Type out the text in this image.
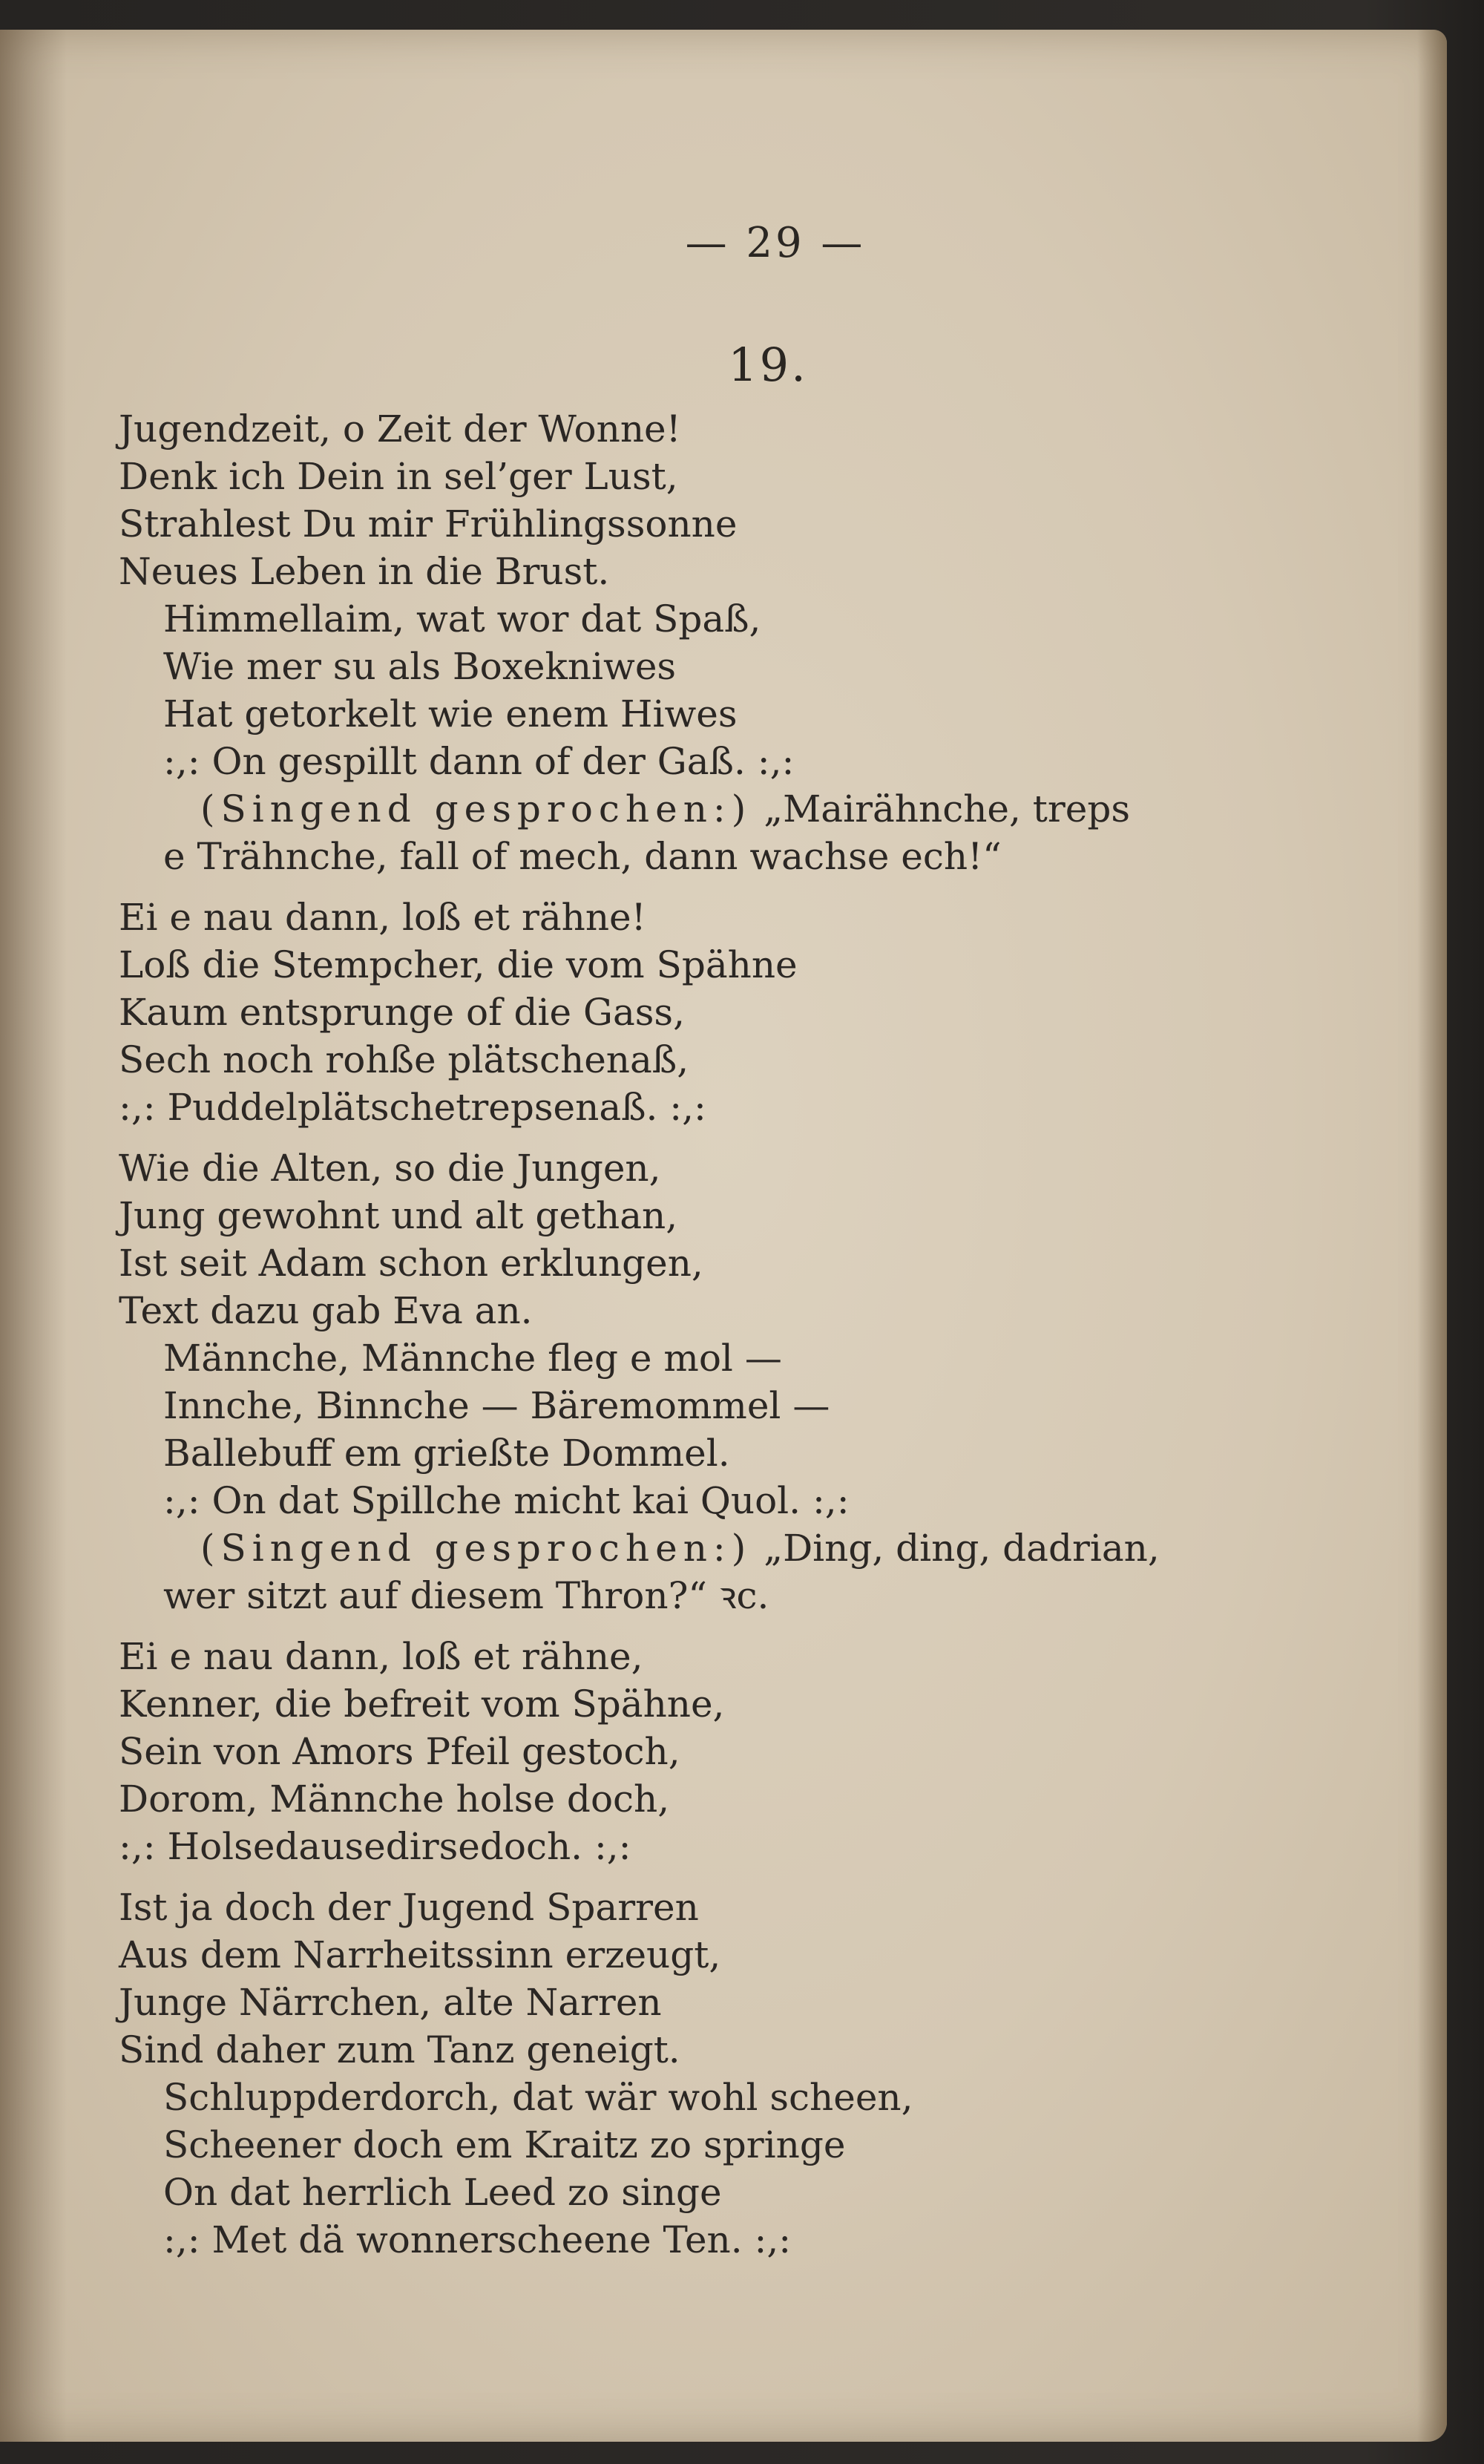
— 29 —
19.
Jugendzeit, o Zeit der Wonne!
Denk ich Dein in sel’ger Lust,
Strahlest Du mir Frühlingssonne
Neues Leben in die Brust.
Himmellaim, wat wor dat Spaß,
Wie mer su als Boxekniwes
Hat getorkelt wie enem Hiwes
:,: On gespillt dann of der Gaß. :,:
(Singend gesprochen:) „Mairähnche, treps
e Trähnche, fall of mech, dann wachse ech!“
Ei e nau dann, loß et rähne!
Loß die Stempcher, die vom Spähne
Kaum entsprunge of die Gass,
Sech noch rohße plätschenaß,
:,: Puddelplätschetrepsenaß. :,:
Wie die Alten, so die Jungen,
Jung gewohnt und alt gethan,
Ist seit Adam schon erklungen,
Text dazu gab Eva an.
Männche, Männche fleg e mol —
Innche, Binnche — Bäremommel —
Ballebuff em grießte Dommel.
:,: On dat Spillche micht kai Quol. :,:
(Singend gesprochen:) „Ding, ding, dadrian,
wer sitzt auf diesem Thron?“ ꝛc.
Ei e nau dann, loß et rähne,
Kenner, die befreit vom Spähne,
Sein von Amors Pfeil gestoch,
Dorom, Männche holse doch,
:,: Holsedausedirsedoch. :,:
Ist ja doch der Jugend Sparren
Aus dem Narrheitssinn erzeugt,
Junge Närrchen, alte Narren
Sind daher zum Tanz geneigt.
Schluppderdorch, dat wär wohl scheen,
Scheener doch em Kraitz zo springe
On dat herrlich Leed zo singe
:,: Met dä wonnerscheene Ten. :,:
